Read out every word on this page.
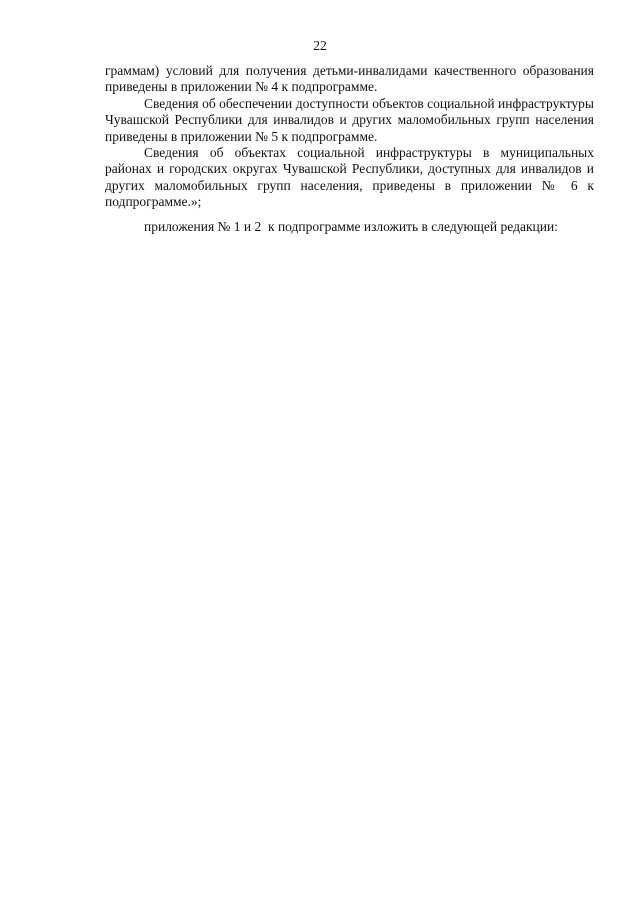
22

граммам) условий для получения детьми-инвалидами качественного образования приведены в приложении № 4 к подпрограмме.

Сведения об обеспечении доступности объектов социальной инфраструктуры Чувашской Республики для инвалидов и других маломобильных групп населения приведены в приложении № 5 к подпрограмме.

Сведения об объектах социальной инфраструктуры в муниципальных районах и городских округах Чувашской Республики, доступных для инвалидов и других маломобильных групп населения, приведены в приложении № 6 к подпрограмме.»;

приложения № 1 и 2  к подпрограмме изложить в следующей редакции:
